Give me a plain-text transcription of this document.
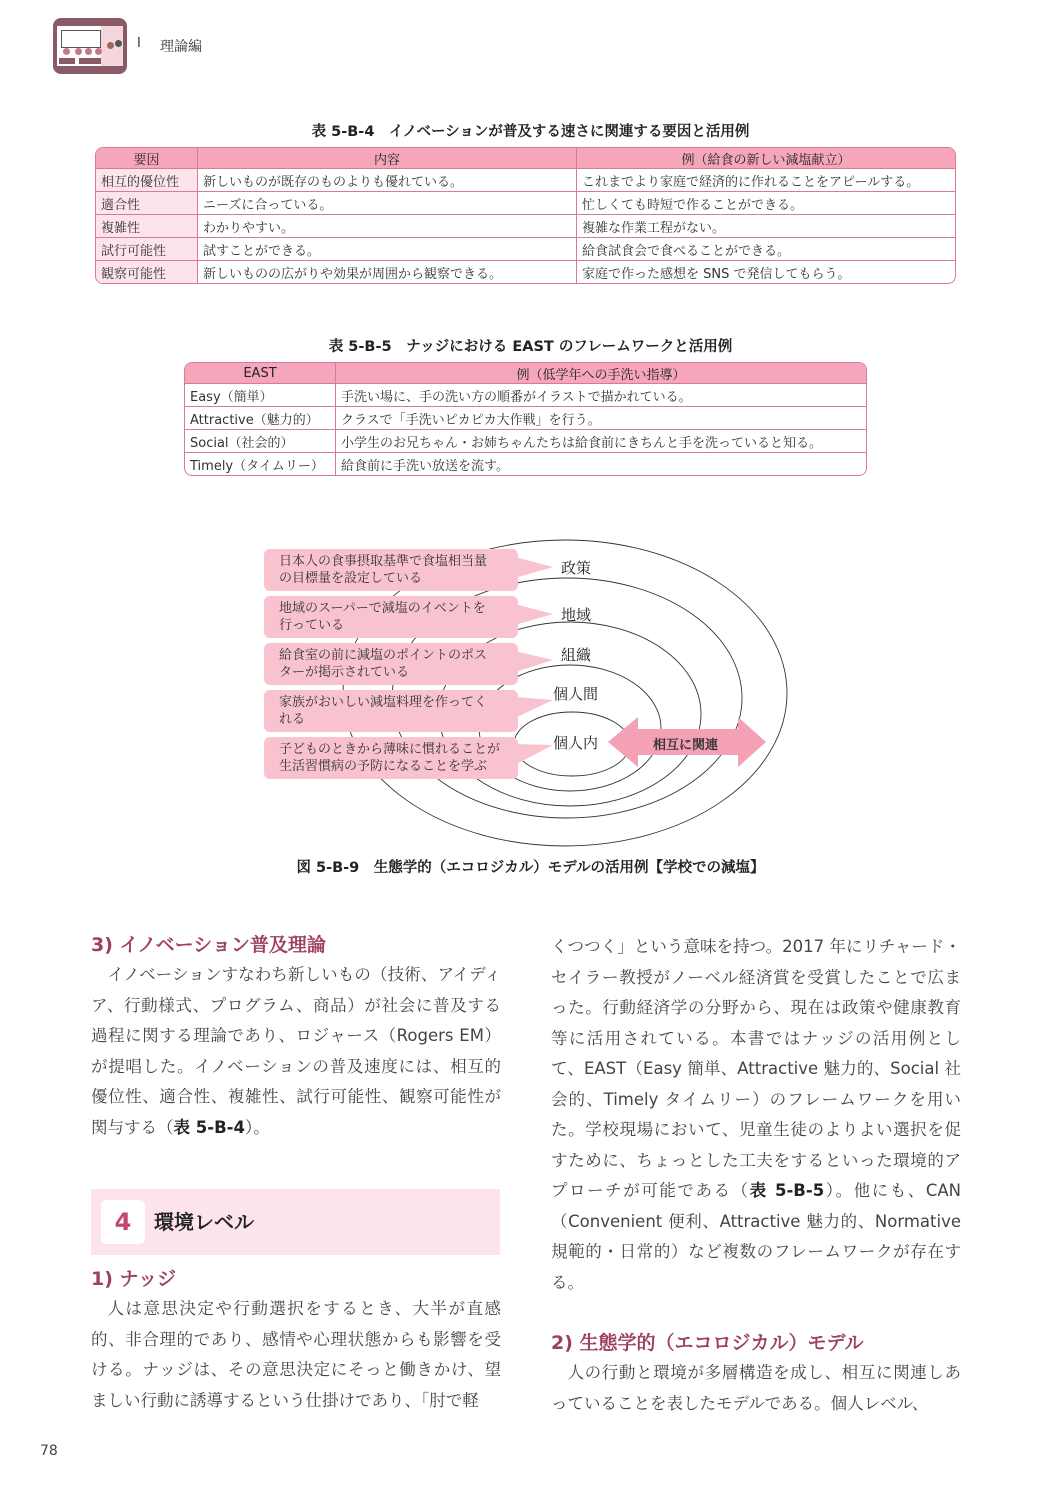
I 理論編
表 5-B-4　イノベーションが普及する速さに関連する要因と活用例
要因	内容	例（給食の新しい減塩献立）
相互的優位性	新しいものが既存のものよりも優れている。	これまでより家庭で経済的に作れることをアピールする。
適合性	ニーズに合っている。	忙しくても時短で作ることができる。
複雑性	わかりやすい。	複雑な作業工程がない。
試行可能性	試すことができる。	給食試食会で食べることができる。
観察可能性	新しいものの広がりや効果が周囲から観察できる。	家庭で作った感想を SNS で発信してもらう。
表 5-B-5　ナッジにおける EAST のフレームワークと活用例
EAST	例（低学年への手洗い指導）
Easy（簡単）	手洗い場に、手の洗い方の順番がイラストで描かれている。
Attractive（魅力的）	クラスで「手洗いピカピカ大作戦」を行う。
Social（社会的）	小学生のお兄ちゃん・お姉ちゃんたちは給食前にきちんと手を洗っていると知る。
Timely（タイムリー）	給食前に手洗い放送を流す。
日本人の食事摂取基準で食塩相当量
の目標量を設定している
地域のスーパーで減塩のイベントを
行っている
給食室の前に減塩のポイントのポス
ターが掲示されている
家族がおいしい減塩料理を作ってく
れる
子どものときから薄味に慣れることが
生活習慣病の予防になることを学ぶ
政策
地域
組織
個人間
個人内	相互に関連
図 5-B-9　生態学的（エコロジカル）モデルの活用例【学校での減塩】

3) イノベーション普及理論

イノベーションすなわち新しいもの（技術、アイディア、行動様式、プログラム、商品）が社会に普及する過程に関する理論であり、ロジャース（Rogers EM）が提唱した。イノベーションの普及速度には、相互的優位性、適合性、複雑性、試行可能性、観察可能性が関与する（表 5-B-4）。

4	環境レベル

1) ナッジ

人は意思決定や行動選択をするとき、大半が直感的、非合理的であり、感情や心理状態からも影響を受ける。ナッジは、その意思決定にそっと働きかけ、望ましい行動に誘導するという仕掛けであり、「肘で軽

くつつく」という意味を持つ。2017 年にリチャード・セイラー教授がノーベル経済賞を受賞したことで広まった。行動経済学の分野から、現在は政策や健康教育等に活用されている。本書ではナッジの活用例として、EAST（Easy 簡単、Attractive 魅力的、Social 社会的、Timely タイムリー）のフレームワークを用いた。学校現場において、児童生徒のよりよい選択を促すために、ちょっとした工夫をするといった環境的アプローチが可能である（表 5-B-5）。他にも、CAN（Convenient 便利、Attractive 魅力的、Normative 規範的・日常的）など複数のフレームワークが存在する。

2) 生態学的（エコロジカル）モデル

人の行動と環境が多層構造を成し、相互に関連しあっていることを表したモデルである。個人レベル、

78
